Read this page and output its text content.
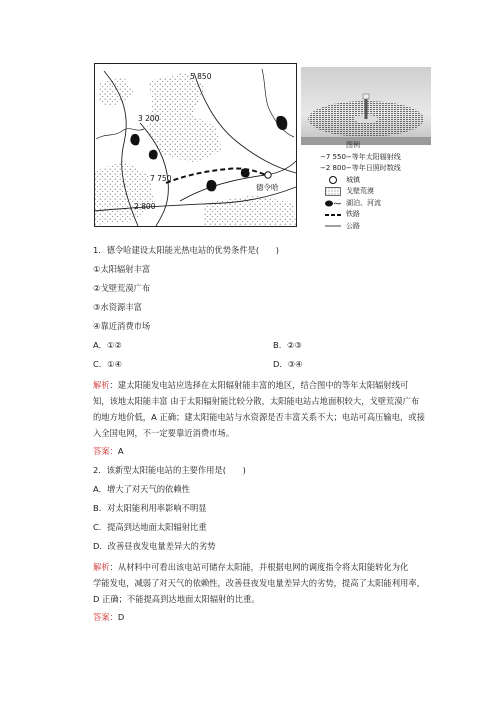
5 850
3 200
7 750
2 800
德令哈
图例
−7 550− 等年太阳辐射线
−2 800− 等年日照时数线
城镇
戈壁荒漠
湖泊、河流
铁路
公路
1．德令哈建设太阳能光热电站的优势条件是(　　)
①太阳辐射丰富
②戈壁荒漠广布
③水资源丰富
④靠近消费市场
A．①②	B．②③
C．①④	D．③④
解析：建太阳能发电站应选择在太阳辐射能丰富的地区，结合图中的等年太阳辐射线可
知，该地太阳能丰富 由于太阳辐射能比较分散，太阳能电站占地面积较大，戈壁荒漠广布
的地方地价低，A 正确；建太阳能电站与水资源是否丰富关系不大；电站可高压输电，或接
入全国电网，不一定要靠近消费市场。
答案：A
2．该新型太阳能电站的主要作用是(　　)
A．增大了对天气的依赖性
B．对太阳能利用率影响不明显
C．提高到达地面太阳辐射比重
D．改善昼夜发电量差异大的劣势
解析：从材料中可看出该电站可储存太阳能，并根据电网的调度指令将太阳能转化为化
学能发电，减弱了对天气的依赖性，改善昼夜发电量差异大的劣势，提高了太阳能利用率，
D 正确；不能提高到达地面太阳辐射的比重。
答案：D
